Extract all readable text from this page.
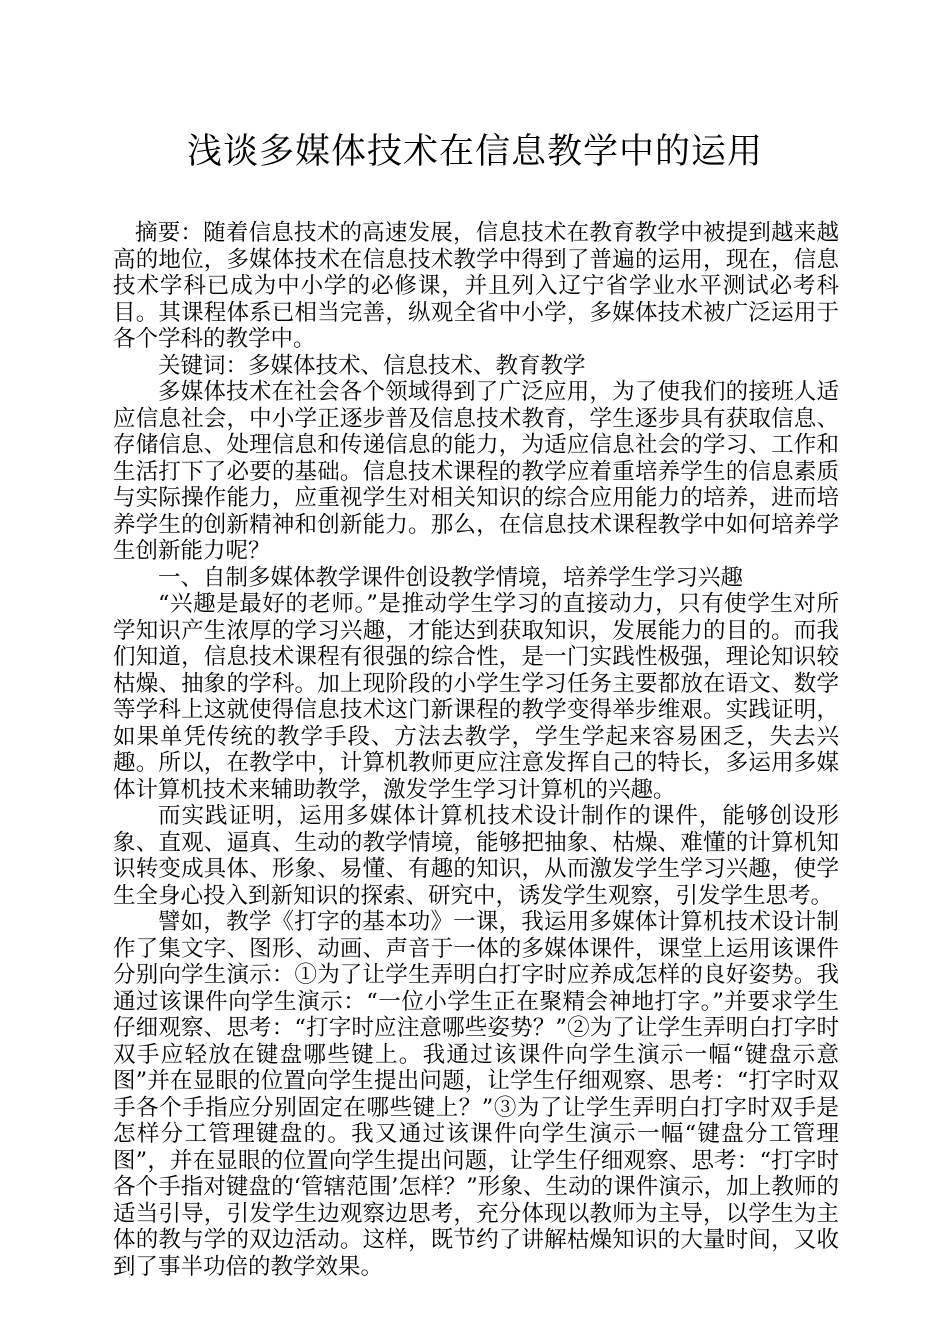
浅谈多媒体技术在信息教学中的运用

摘要：随着信息技术的高速发展，信息技术在教育教学中被提到越来越高的地位，多媒体技术在信息技术教学中得到了普遍的运用，现在，信息技术学科已成为中小学的必修课，并且列入辽宁省学业水平测试必考科目。其课程体系已相当完善，纵观全省中小学，多媒体技术被广泛运用于各个学科的教学中。

关键词：多媒体技术、信息技术、教育教学

多媒体技术在社会各个领域得到了广泛应用，为了使我们的接班人适应信息社会，中小学正逐步普及信息技术教育，学生逐步具有获取信息、存储信息、处理信息和传递信息的能力，为适应信息社会的学习、工作和生活打下了必要的基础。信息技术课程的教学应着重培养学生的信息素质与实际操作能力，应重视学生对相关知识的综合应用能力的培养，进而培养学生的创新精神和创新能力。那么，在信息技术课程教学中如何培养学生创新能力呢？

一、自制多媒体教学课件创设教学情境，培养学生学习兴趣

“兴趣是最好的老师。”是推动学生学习的直接动力，只有使学生对所学知识产生浓厚的学习兴趣，才能达到获取知识，发展能力的目的。而我们知道，信息技术课程有很强的综合性，是一门实践性极强，理论知识较枯燥、抽象的学科。加上现阶段的小学生学习任务主要都放在语文、数学等学科上这就使得信息技术这门新课程的教学变得举步维艰。实践证明，如果单凭传统的教学手段、方法去教学，学生学起来容易困乏，失去兴趣。所以，在教学中，计算机教师更应注意发挥自己的特长，多运用多媒体计算机技术来辅助教学，激发学生学习计算机的兴趣。

而实践证明，运用多媒体计算机技术设计制作的课件，能够创设形象、直观、逼真、生动的教学情境，能够把抽象、枯燥、难懂的计算机知识转变成具体、形象、易懂、有趣的知识，从而激发学生学习兴趣，使学生全身心投入到新知识的探索、研究中，诱发学生观察，引发学生思考。

譬如，教学《打字的基本功》一课，我运用多媒体计算机技术设计制作了集文字、图形、动画、声音于一体的多媒体课件，课堂上运用该课件分别向学生演示：①为了让学生弄明白打字时应养成怎样的良好姿势。我通过该课件向学生演示：“一位小学生正在聚精会神地打字。”并要求学生仔细观察、思考：“打字时应注意哪些姿势？”②为了让学生弄明白打字时双手应轻放在键盘哪些键上。我通过该课件向学生演示一幅“键盘示意图”并在显眼的位置向学生提出问题，让学生仔细观察、思考：“打字时双手各个手指应分别固定在哪些键上？”③为了让学生弄明白打字时双手是怎样分工管理键盘的。我又通过该课件向学生演示一幅“键盘分工管理图”，并在显眼的位置向学生提出问题，让学生仔细观察、思考：“打字时各个手指对键盘的‘管辖范围’怎样？”形象、生动的课件演示，加上教师的适当引导，引发学生边观察边思考，充分体现以教师为主导，以学生为主体的教与学的双边活动。这样，既节约了讲解枯燥知识的大量时间，又收到了事半功倍的教学效果。
